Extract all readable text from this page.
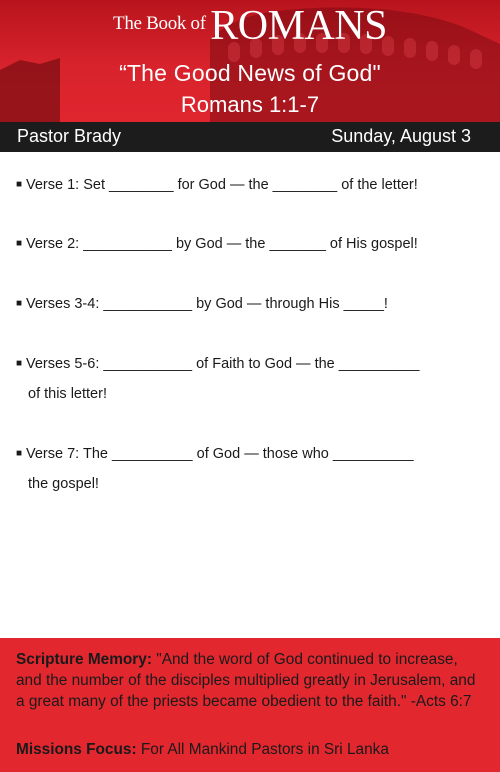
The Book of ROMANS
“The Good News of God"
Romans 1:1-7
Pastor Brady	Sunday, August 3
■ Verse 1: Set ________ for God — the ________ of the letter!
■ Verse 2: ___________ by God — the _______ of His gospel!
■ Verses 3-4: ___________ by God — through His _____!
■ Verses 5-6: ___________ of Faith to God — the __________
of this letter!
■ Verse 7: The __________ of God — those who __________
the gospel!
Scripture Memory: "And the word of God continued to increase, and the number of the disciples multiplied greatly in Jerusalem, and a great many of the priests became obedient to the faith." -Acts 6:7
Missions Focus: For All Mankind Pastors in Sri Lanka
